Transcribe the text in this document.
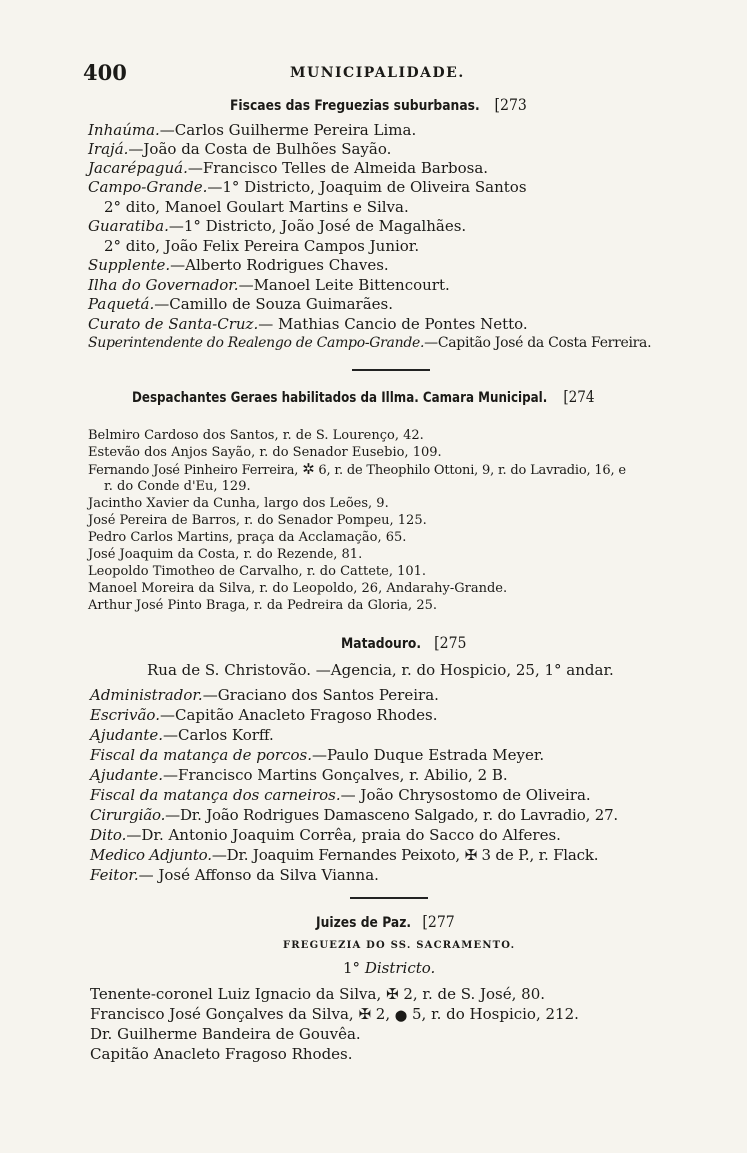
400	MUNICIPALIDADE.
Fiscaes das Freguezias suburbanas. [273
Inhaúma.—Carlos Guilherme Pereira Lima.
Irajá.—João da Costa de Bulhões Sayão.
Jacarépaguá.—Francisco Telles de Almeida Barbosa.
Campo-Grande.—1° Districto, Joaquim de Oliveira Santos
2° dito, Manoel Goulart Martins e Silva.
Guaratiba.—1° Districto, João José de Magalhães.
2° dito, João Felix Pereira Campos Junior.
Supplente.—Alberto Rodrigues Chaves.
Ilha do Governador.—Manoel Leite Bittencourt.
Paquetá.—Camillo de Souza Guimarães.
Curato de Santa-Cruz.— Mathias Cancio de Pontes Netto.
Superintendente do Realengo de Campo-Grande.—Capitão José da Costa Ferreira.
Despachantes Geraes habilitados da Illma. Camara Municipal. [274
Belmiro Cardoso dos Santos, r. de S. Lourenço, 42.
Estevão dos Anjos Sayão, r. do Senador Eusebio, 109.
Fernando José Pinheiro Ferreira, ✲ 6, r. de Theophilo Ottoni, 9, r. do Lavradio, 16, e
r. do Conde d'Eu, 129.
Jacintho Xavier da Cunha, largo dos Leões, 9.
José Pereira de Barros, r. do Senador Pompeu, 125.
Pedro Carlos Martins, praça da Acclamação, 65.
José Joaquim da Costa, r. do Rezende, 81.
Leopoldo Timotheo de Carvalho, r. do Cattete, 101.
Manoel Moreira da Silva, r. do Leopoldo, 26, Andarahy-Grande.
Arthur José Pinto Braga, r. da Pedreira da Gloria, 25.
Matadouro. [275
Rua de S. Christovão. —Agencia, r. do Hospicio, 25, 1° andar.
Administrador.—Graciano dos Santos Pereira.
Escrivão.—Capitão Anacleto Fragoso Rhodes.
Ajudante.—Carlos Korff.
Fiscal da matança de porcos.—Paulo Duque Estrada Meyer.
Ajudante.—Francisco Martins Gonçalves, r. Abilio, 2 B.
Fiscal da matança dos carneiros.— João Chrysostomo de Oliveira.
Cirurgião.—Dr. João Rodrigues Damasceno Salgado, r. do Lavradio, 27.
Dito.—Dr. Antonio Joaquim Corrêa, praia do Sacco do Alferes.
Medico Adjunto.—Dr. Joaquim Fernandes Peixoto, ✠ 3 de P., r. Flack.
Feitor.— José Affonso da Silva Vianna.
Juizes de Paz. [277
FREGUEZIA DO SS. SACRAMENTO.
1° Districto.
Tenente-coronel Luiz Ignacio da Silva, ✠ 2, r. de S. José, 80.
Francisco José Gonçalves da Silva, ✠ 2, ⬤ 5, r. do Hospicio, 212.
Dr. Guilherme Bandeira de Gouvêa.
Capitão Anacleto Fragoso Rhodes.
